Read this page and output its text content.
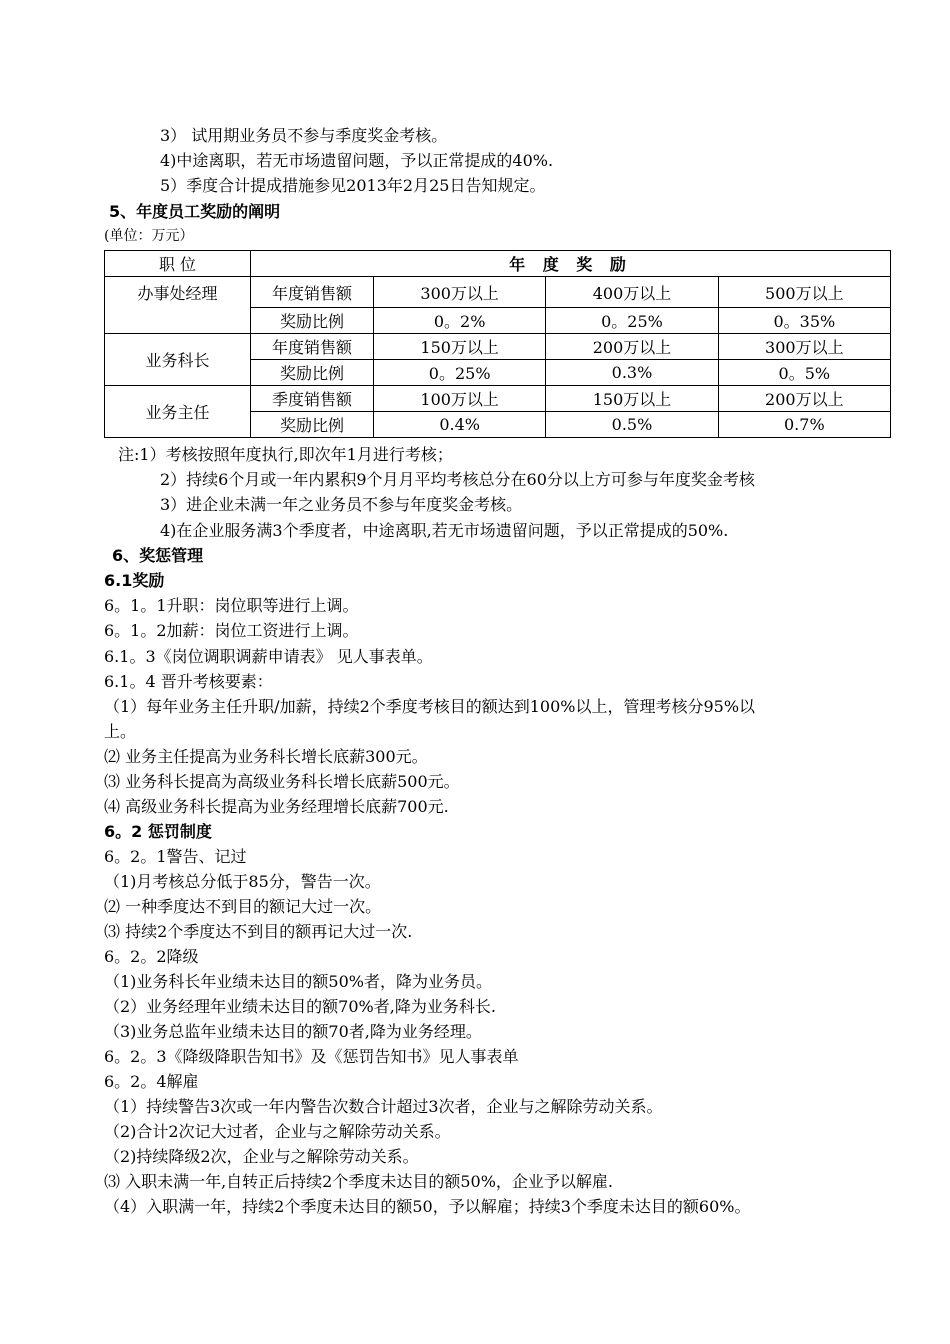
3） 试用期业务员不参与季度奖金考核。
4)中途离职，若无市场遗留问题，予以正常提成的40%.
5）季度合计提成措施参见2013年2月25日告知规定。
5、年度员工奖励的阐明
(单位：万元）
职 位	年 度 奖 励			
办事处经理	年度销售额	300万以上	400万以上	500万以上
	奖励比例	0。2%	0。25%	0。35%
业务科长	年度销售额	150万以上	200万以上	300万以上
	奖励比例	0。25%	0.3%	0。5%
业务主任	季度销售额	100万以上	150万以上	200万以上
	奖励比例	0.4%	0.5%	0.7%
注:1）考核按照年度执行,即次年1月进行考核；
2）持续6个月或一年内累积9个月月平均考核总分在60分以上方可参与年度奖金考核
3）进企业未满一年之业务员不参与年度奖金考核。
4)在企业服务满3个季度者，中途离职,若无市场遗留问题，予以正常提成的50%.
6、奖惩管理
6.1奖励
6。1。1升职：岗位职等进行上调。
6。1。2加薪：岗位工资进行上调。
6.1。3《岗位调职调薪申请表》 见人事表单。
6.1。4 晋升考核要素：
（1）每年业务主任升职/加薪，持续2个季度考核目的额达到100%以上，管理考核分95%以
上。
⑵ 业务主任提高为业务科长增长底薪300元。
⑶ 业务科长提高为高级业务科长增长底薪500元。
⑷ 高级业务科长提高为业务经理增长底薪700元.
6。2 惩罚制度
6。2。1警告、记过
（1)月考核总分低于85分，警告一次。
⑵ 一种季度达不到目的额记大过一次。
⑶ 持续2个季度达不到目的额再记大过一次.
6。2。2降级
（1)业务科长年业绩未达目的额50%者，降为业务员。
（2）业务经理年业绩未达目的额70%者,降为业务科长.
（3)业务总监年业绩未达目的额70者,降为业务经理。
6。2。3《降级降职告知书》及《惩罚告知书》见人事表单
6。2。4解雇
（1）持续警告3次或一年内警告次数合计超过3次者，企业与之解除劳动关系。
（2)合计2次记大过者，企业与之解除劳动关系。
（2)持续降级2次，企业与之解除劳动关系。
⑶ 入职未满一年,自转正后持续2个季度未达目的额50%，企业予以解雇.
（4）入职满一年，持续2个季度未达目的额50，予以解雇；持续3个季度未达目的额60%。
